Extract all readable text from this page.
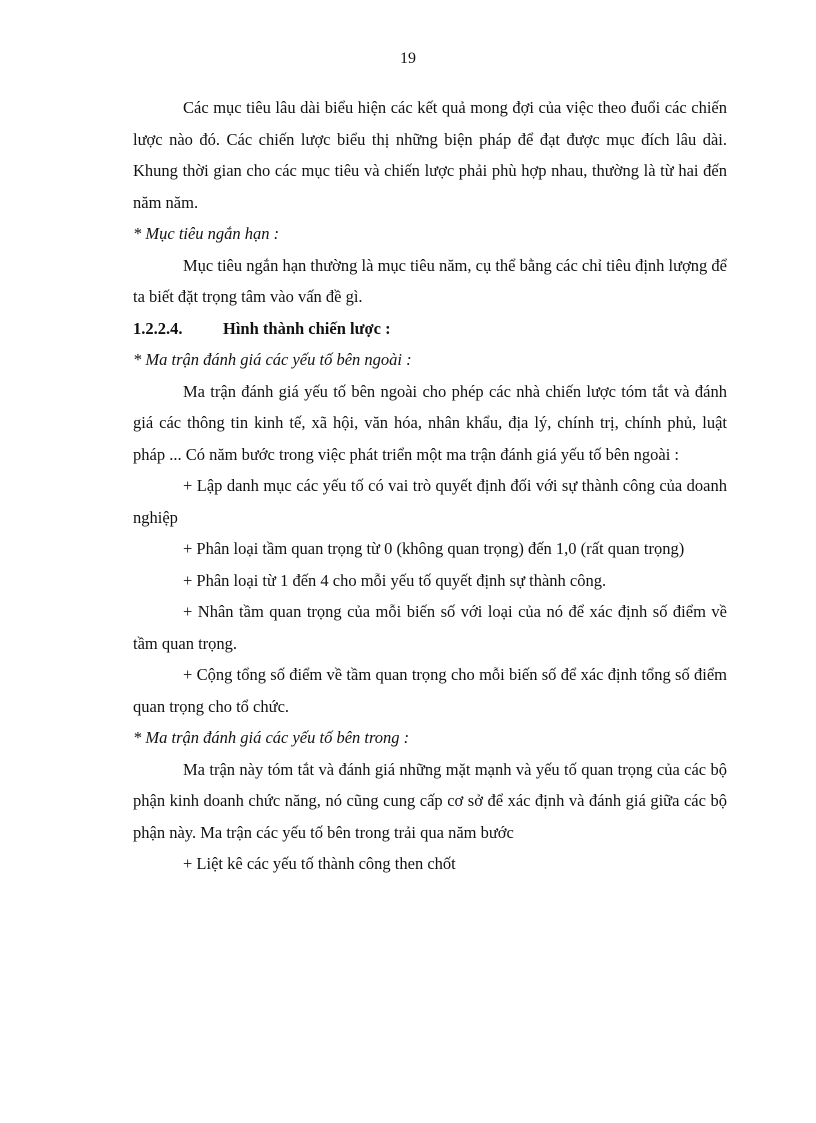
19

Các mục tiêu lâu dài biểu hiện các kết quả mong đợi của việc theo đuổi các chiến lược nào đó. Các chiến lược biểu thị những biện pháp để đạt được mục đích lâu dài. Khung thời gian cho các mục tiêu và chiến lược phải phù hợp nhau, thường là từ hai đến năm năm.

* Mục tiêu ngắn hạn :

Mục tiêu ngắn hạn thường là mục tiêu năm, cụ thể bằng các chỉ tiêu định lượng để ta biết đặt trọng tâm vào vấn đề gì.

1.2.2.4. Hình thành chiến lược :

* Ma trận đánh giá các yếu tố bên ngoài :

Ma trận đánh giá yếu tố bên ngoài cho phép các nhà chiến lược tóm tắt và đánh giá các thông tin kinh tế, xã hội, văn hóa, nhân khẩu, địa lý, chính trị, chính phủ, luật pháp ... Có năm bước trong việc phát triển một ma trận đánh giá yếu tố bên ngoài :

+ Lập danh mục các yếu tố có vai trò quyết định đối với sự thành công của doanh nghiệp

+ Phân loại tầm quan trọng từ 0 (không quan trọng) đến 1,0 (rất quan trọng)

+ Phân loại từ 1 đến 4 cho mỗi yếu tố quyết định sự thành công.

+ Nhân tầm quan trọng của mỗi biến số với loại của nó để xác định số điểm về tầm quan trọng.

+ Cộng tổng số điểm về tầm quan trọng cho mỗi biến số để xác định tổng số điểm quan trọng cho tổ chức.

* Ma trận đánh giá các yếu tố bên trong :

Ma trận này tóm tắt và đánh giá những mặt mạnh và yếu tố quan trọng của các bộ phận kinh doanh chức năng, nó cũng cung cấp cơ sở để xác định và đánh giá giữa các bộ phận này. Ma trận các yếu tố bên trong trải qua năm bước

+ Liệt kê các yếu tố thành công then chốt
